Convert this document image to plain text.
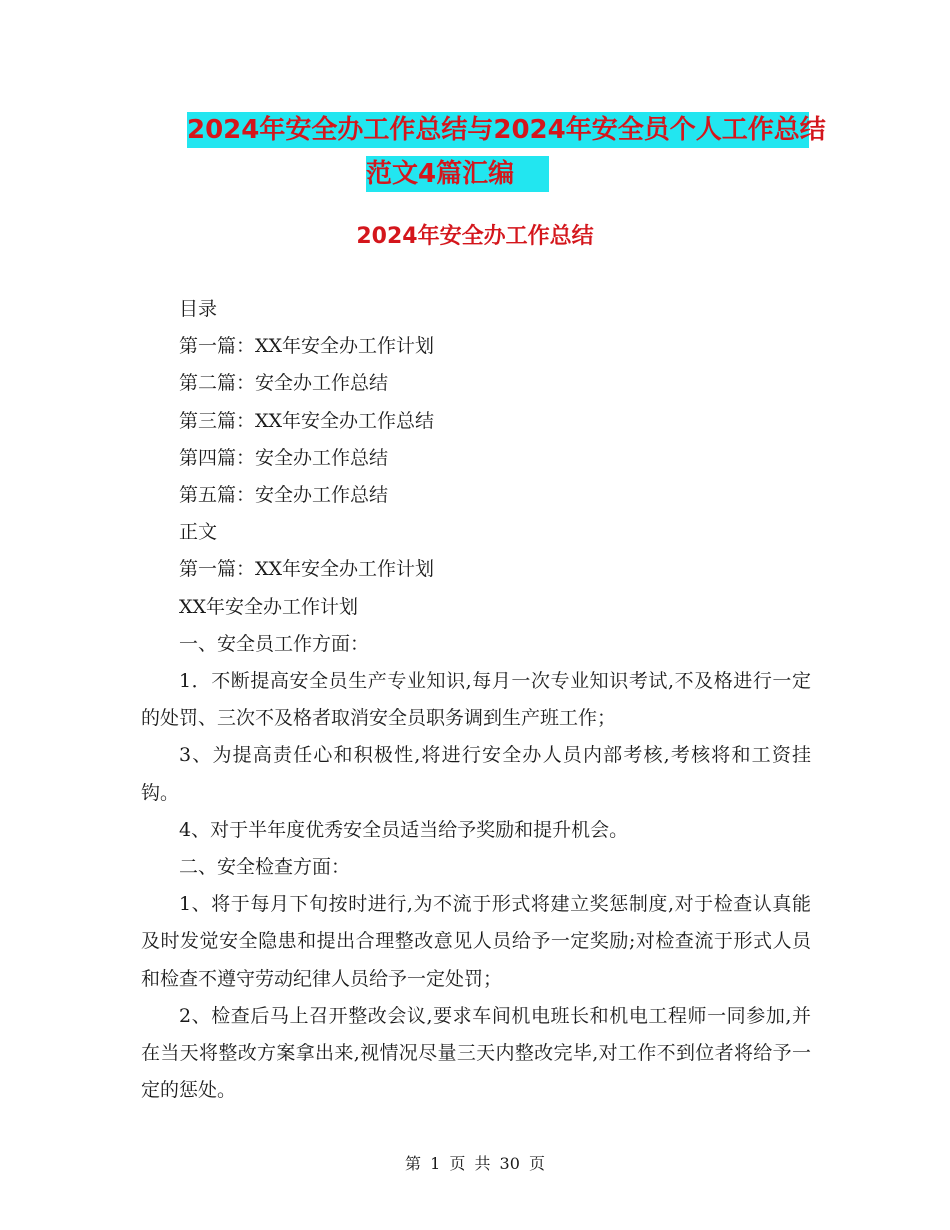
2024年安全办工作总结与2024年安全员个人工作总结
范文4篇汇编
2024年安全办工作总结

目录

第一篇：XX年安全办工作计划

第二篇：安全办工作总结

第三篇：XX年安全办工作总结

第四篇：安全办工作总结

第五篇：安全办工作总结

正文

第一篇：XX年安全办工作计划

XX年安全办工作计划

一、安全员工作方面：

1．不断提高安全员生产专业知识,每月一次专业知识考试,不及格进行一定的处罚、三次不及格者取消安全员职务调到生产班工作；

3、为提高责任心和积极性,将进行安全办人员内部考核,考核将和工资挂钩。

4、对于半年度优秀安全员适当给予奖励和提升机会。

二、安全检查方面：

1、将于每月下旬按时进行,为不流于形式将建立奖惩制度,对于检查认真能及时发觉安全隐患和提出合理整改意见人员给予一定奖励;对检查流于形式人员和检查不遵守劳动纪律人员给予一定处罚；

2、检查后马上召开整改会议,要求车间机电班长和机电工程师一同参加,并在当天将整改方案拿出来,视情况尽量三天内整改完毕,对工作不到位者将给予一定的惩处。

第 1 页 共 30 页
